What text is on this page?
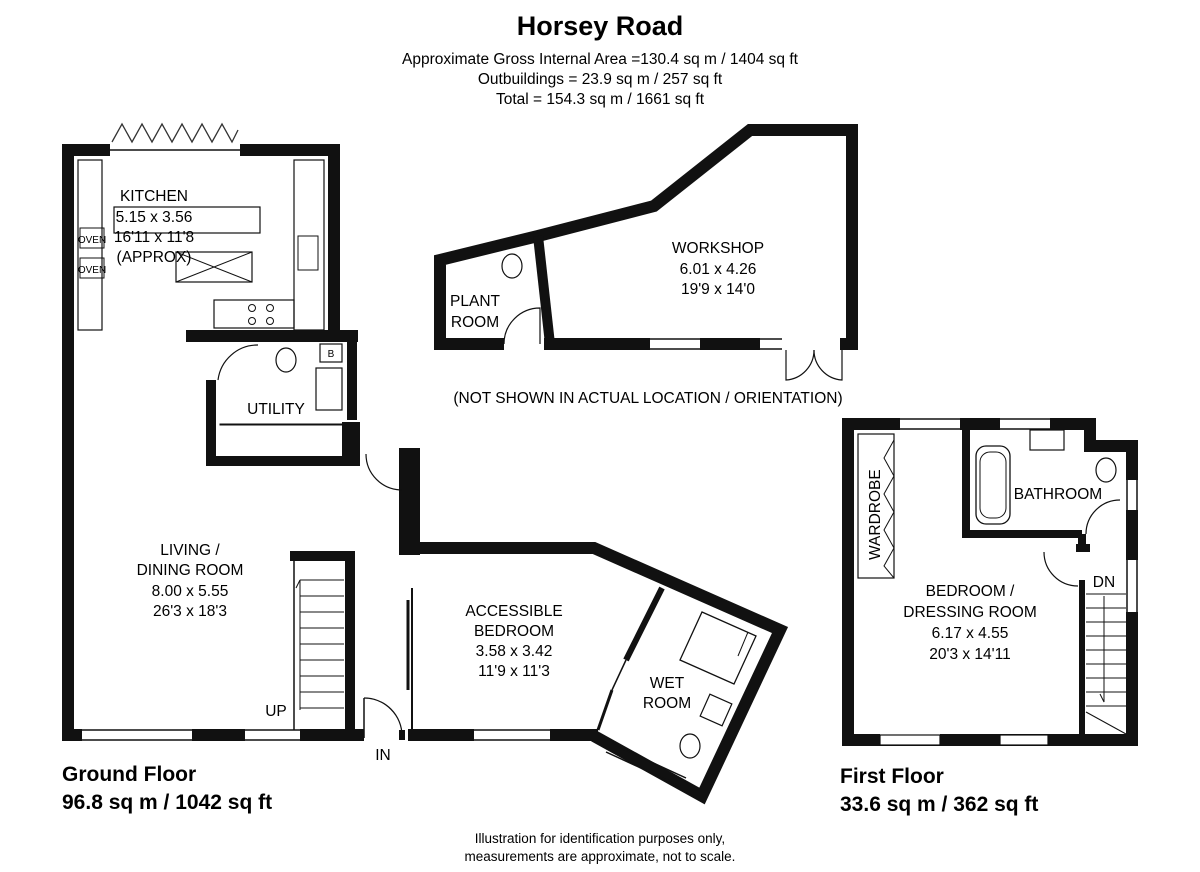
Horsey Road
Approximate Gross Internal Area =130.4 sq m / 1404 sq ft
Outbuildings = 23.9 sq m / 257 sq ft
Total = 154.3 sq m / 1661 sq ft
KITCHEN
5.15 x 3.56
16'11 x 11'8
(APPROX)
OVEN
OVEN
B
UTILITY
LIVING /
DINING ROOM
8.00 x 5.55
26'3 x 18'3
UP
IN
ACCESSIBLE
BEDROOM
3.58 x 3.42
11'9 x 11'3
WET
ROOM
WORKSHOP
6.01 x 4.26
19'9 x 14'0
PLANT
ROOM
(NOT SHOWN IN ACTUAL LOCATION / ORIENTATION)
WARDROBE	BATHROOM
DN
BEDROOM /
DRESSING ROOM
6.17 x 4.55
20'3 x 14'11
Ground Floor
96.8 sq m / 1042 sq ft
First Floor
33.6 sq m / 362 sq ft
Illustration for identification purposes only,
measurements are approximate, not to scale.
